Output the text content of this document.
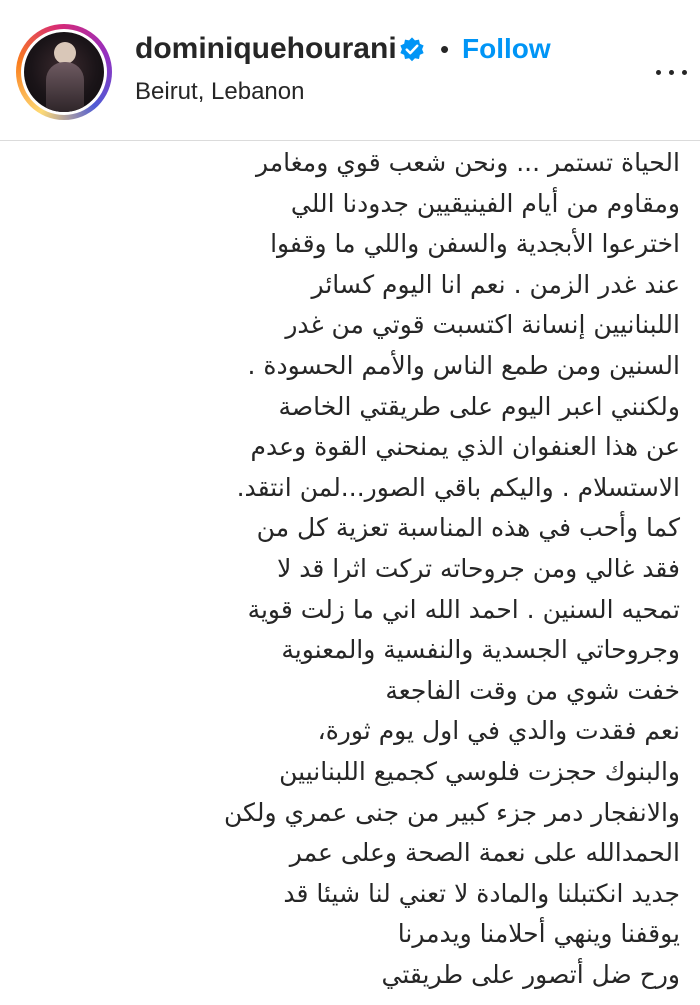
dominiquehourani • Follow
Beirut, Lebanon
الحياة تستمر ... ونحن شعب قوي ومغامر
ومقاوم من أيام الفينيقيين جدودنا اللي
اخترعوا الأبجدية والسفن واللي ما وقفوا
عند غدر الزمن . نعم انا اليوم كسائر
اللبنانيين إنسانة اكتسبت قوتي من غدر
السنين ومن طمع الناس والأمم الحسودة .
ولكنني اعبر اليوم على طريقتي الخاصة
عن هذا العنفوان الذي يمنحني القوة وعدم
الاستسلام . واليكم باقي الصور...لمن انتقد.
كما وأحب في هذه المناسبة تعزية كل من
فقد غالي ومن جروحاته تركت اثرا قد لا
تمحيه السنين . احمد الله اني ما زلت قوية
وجروحاتي الجسدية والنفسية والمعنوية
خفت شوي من وقت الفاجعة
نعم فقدت والدي في اول يوم ثورة،
والبنوك حجزت فلوسي كجميع اللبنانيين
والانفجار دمر جزء كبير من جنى عمري ولكن
الحمدالله على نعمة الصحة وعلى عمر
جديد انكتبلنا والمادة لا تعني لنا شيئا قد
يوقفنا وينهي أحلامنا ويدمرنا
ورح ضل أتصور على طريقتي
